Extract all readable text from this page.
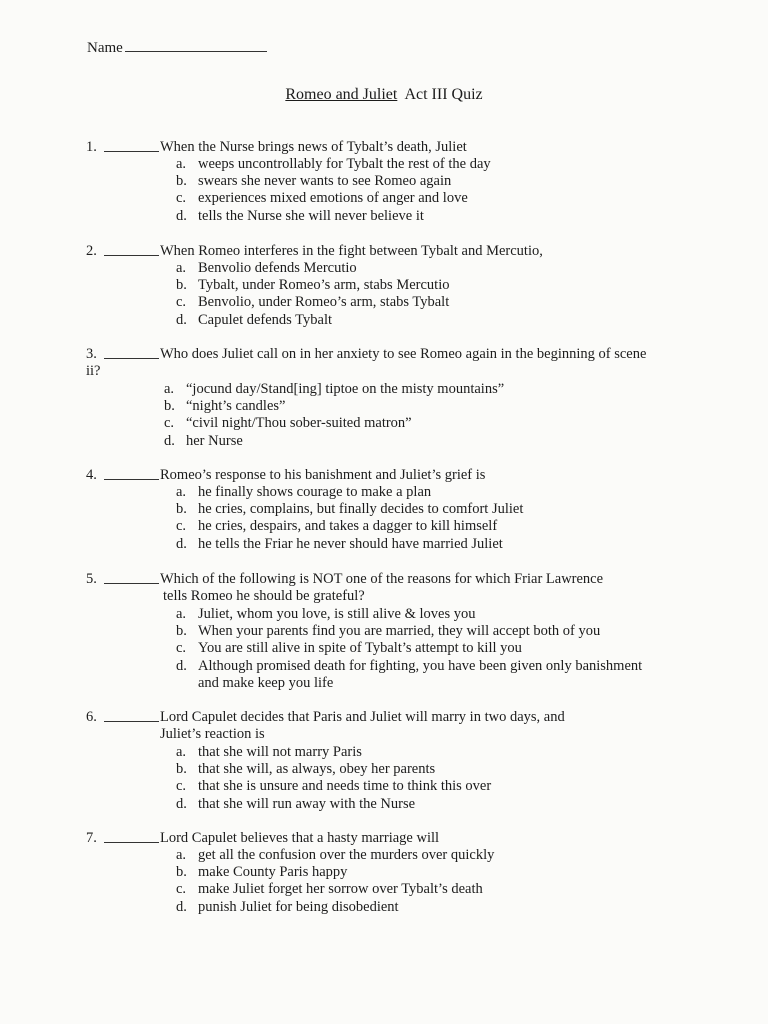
Name
Romeo and Juliet Act III Quiz
1.	When the Nurse brings news of Tybalt’s death, Juliet
a. weeps uncontrollably for Tybalt the rest of the day
b. swears she never wants to see Romeo again
c. experiences mixed emotions of anger and love
d. tells the Nurse she will never believe it
2.	When Romeo interferes in the fight between Tybalt and Mercutio,
a. Benvolio defends Mercutio
b. Tybalt, under Romeo’s arm, stabs Mercutio
c. Benvolio, under Romeo’s arm, stabs Tybalt
d. Capulet defends Tybalt
3.	Who does Juliet call on in her anxiety to see Romeo again in the beginning of scene
ii?
a. “jocund day/Stand[ing] tiptoe on the misty mountains”
b. “night’s candles”
c. “civil night/Thou sober-suited matron”
d. her Nurse
4.	Romeo’s response to his banishment and Juliet’s grief is
a. he finally shows courage to make a plan
b. he cries, complains, but finally decides to comfort Juliet
c. he cries, despairs, and takes a dagger to kill himself
d. he tells the Friar he never should have married Juliet
5.	Which of the following is NOT one of the reasons for which Friar Lawrence
tells Romeo he should be grateful?
a. Juliet, whom you love, is still alive & loves you
b. When your parents find you are married, they will accept both of you
c. You are still alive in spite of Tybalt’s attempt to kill you
d. Although promised death for fighting, you have been given only banishment
and make keep you life
6.	Lord Capulet decides that Paris and Juliet will marry in two days, and
Juliet’s reaction is
a. that she will not marry Paris
b. that she will, as always, obey her parents
c. that she is unsure and needs time to think this over
d. that she will run away with the Nurse
7.	Lord Capulet believes that a hasty marriage will
a. get all the confusion over the murders over quickly
b. make County Paris happy
c. make Juliet forget her sorrow over Tybalt’s death
d. punish Juliet for being disobedient
